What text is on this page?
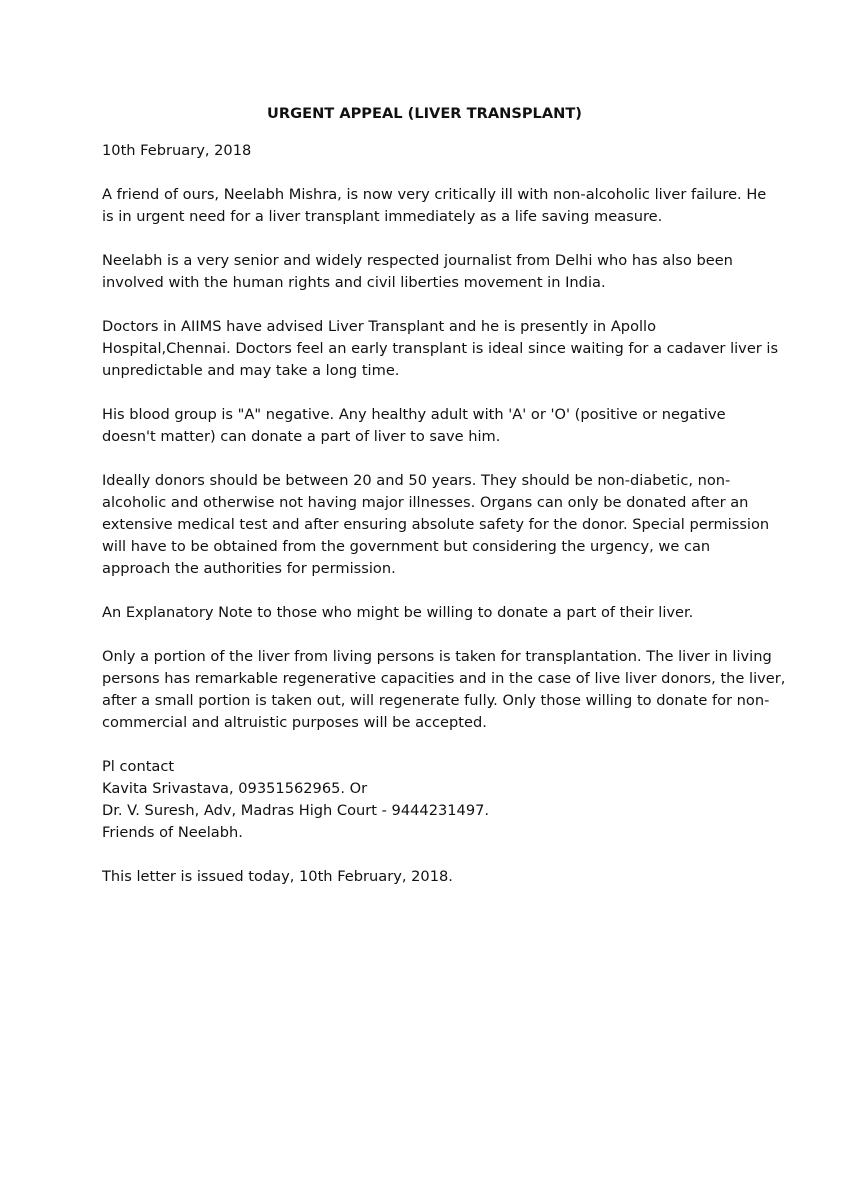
URGENT APPEAL (LIVER TRANSPLANT)

10th February, 2018

A friend of ours, Neelabh Mishra, is now very critically ill with non-alcoholic liver failure. He

is in urgent need for a liver transplant immediately as a life saving measure.

Neelabh is a very senior and widely respected journalist from Delhi who has also been

involved with the human rights and civil liberties movement in India.

Doctors in AIIMS have advised Liver Transplant and he is presently in Apollo

Hospital,Chennai. Doctors feel an early transplant is ideal since waiting for a cadaver liver is

unpredictable and may take a long time.

His blood group is "A" negative. Any healthy adult with 'A' or 'O' (positive or negative

doesn't matter) can donate a part of liver to save him.

Ideally donors should be between 20 and 50 years. They should be non-diabetic, non-

alcoholic and otherwise not having major illnesses. Organs can only be donated after an

extensive medical test and after ensuring absolute safety for the donor. Special permission

will have to be obtained from the government but considering the urgency, we can

approach the authorities for permission.

An Explanatory Note to those who might be willing to donate a part of their liver.

Only a portion of the liver from living persons is taken for transplantation. The liver in living

persons has remarkable regenerative capacities and in the case of live liver donors, the liver,

after a small portion is taken out, will regenerate fully. Only those willing to donate for non-

commercial and altruistic purposes will be accepted.

Pl contact

Kavita Srivastava, 09351562965. Or

Dr. V. Suresh, Adv, Madras High Court - 9444231497.

Friends of Neelabh.

This letter is issued today, 10th February, 2018.
